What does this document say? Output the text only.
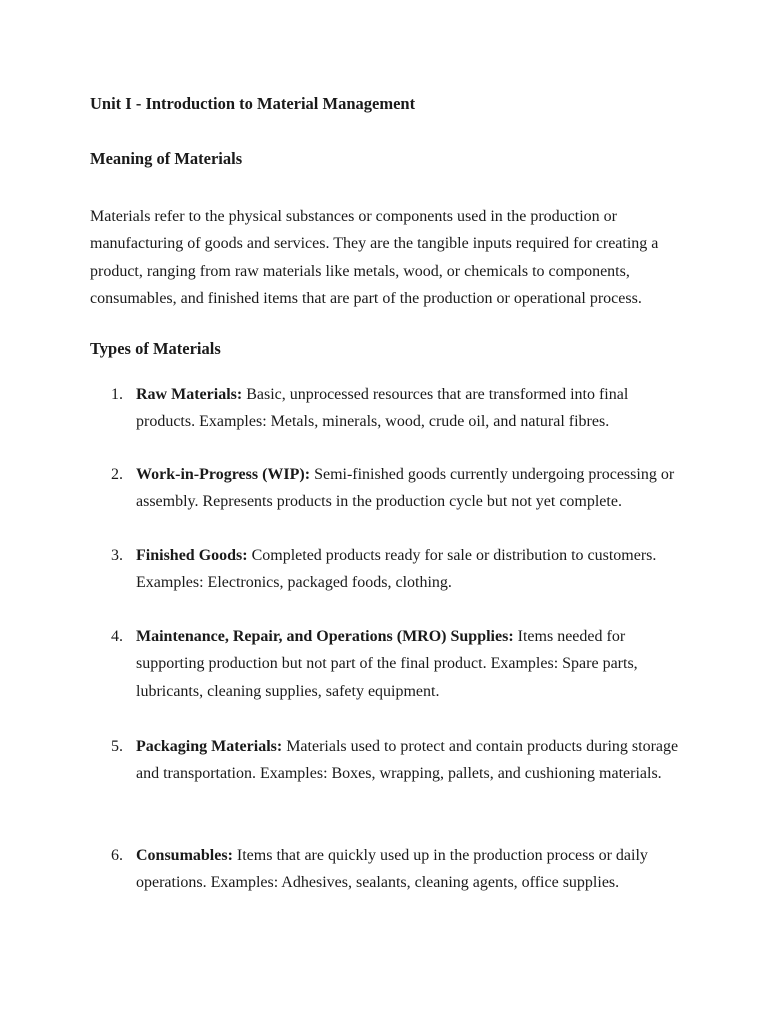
Unit I - Introduction to Material Management
Meaning of Materials

Materials refer to the physical substances or components used in the production or manufacturing of goods and services. They are the tangible inputs required for creating a product, ranging from raw materials like metals, wood, or chemicals to components, consumables, and finished items that are part of the production or operational process.

Types of Materials
1. Raw Materials: Basic, unprocessed resources that are transformed into final products. Examples: Metals, minerals, wood, crude oil, and natural fibres.
2. Work-in-Progress (WIP): Semi-finished goods currently undergoing processing or assembly. Represents products in the production cycle but not yet complete.
3. Finished Goods: Completed products ready for sale or distribution to customers. Examples: Electronics, packaged foods, clothing.
4. Maintenance, Repair, and Operations (MRO) Supplies: Items needed for supporting production but not part of the final product. Examples: Spare parts, lubricants, cleaning supplies, safety equipment.
5. Packaging Materials: Materials used to protect and contain products during storage and transportation. Examples: Boxes, wrapping, pallets, and cushioning materials.
6. Consumables: Items that are quickly used up in the production process or daily operations. Examples: Adhesives, sealants, cleaning agents, office supplies.
